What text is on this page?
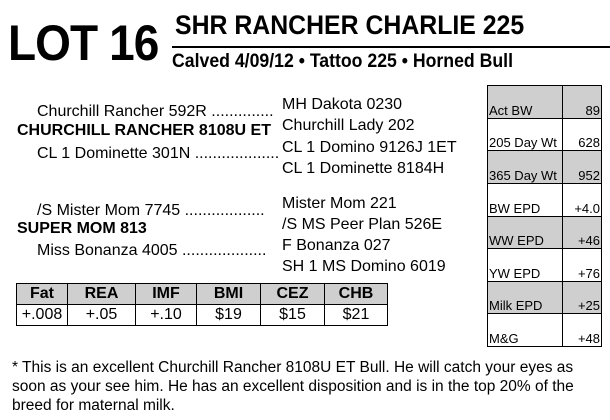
LOT 16 SHR RANCHER CHARLIE 225
Calved 4/09/12 • Tattoo 225 • Horned Bull
Churchill Rancher 592R ..............
CHURCHILL RANCHER 8108U ET
CL 1 Dominette 301N ...................
MH Dakota 0230
Churchill Lady 202
CL 1 Domino 9126J 1ET
CL 1 Dominette 8184H
/S Mister Mom 7745 ..................
SUPER MOM 813
Miss Bonanza 4005 ...................
Mister Mom 221
/S MS Peer Plan 526E
F Bonanza 027
SH 1 MS Domino 6019
Act BW	89
205 Day Wt	628
365 Day Wt	952
BW EPD	+4.0
WW EPD	+46
YW EPD	+76
Milk EPD	+25
M&G	+48
Fat	REA	IMF	BMI	CEZ	CHB
+.008	+.05	+.10	$19	$15	$21
* This is an excellent Churchill Rancher 8108U ET Bull. He will catch your eyes as soon as your see him. He has an excellent disposition and is in the top 20% of the breed for maternal milk.
